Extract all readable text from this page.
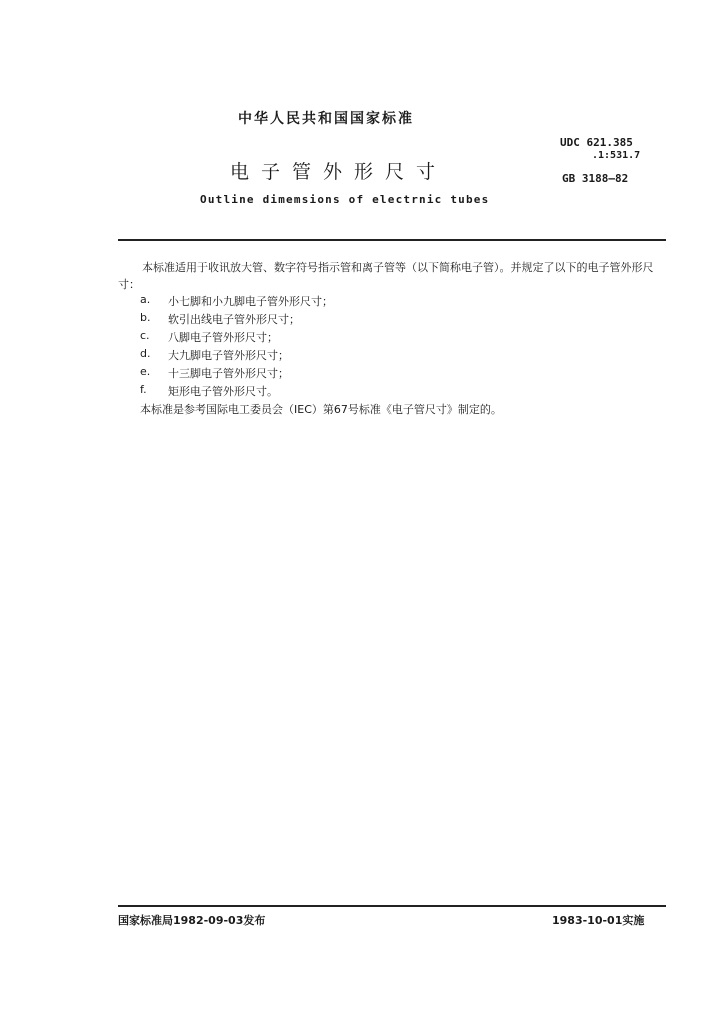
中华人民共和国国家标准
电子管外形尺寸
Outline dimemsions of electrnic tubes
UDC 621.385
.1:531.7
GB 3188—82
本标准适用于收讯放大管、数字符号指示管和离子管等（以下简称电子管）。并规定了以下的电子管外形尺寸：
a.	小七脚和小九脚电子管外形尺寸；
b.	软引出线电子管外形尺寸；
c.	八脚电子管外形尺寸；
d.	大九脚电子管外形尺寸；
e.	十三脚电子管外形尺寸；
f.	矩形电子管外形尺寸。
本标准是参考国际电工委员会（IEC）第67号标准《电子管尺寸》制定的。
国家标准局1982-09-03发布	1983-10-01实施
